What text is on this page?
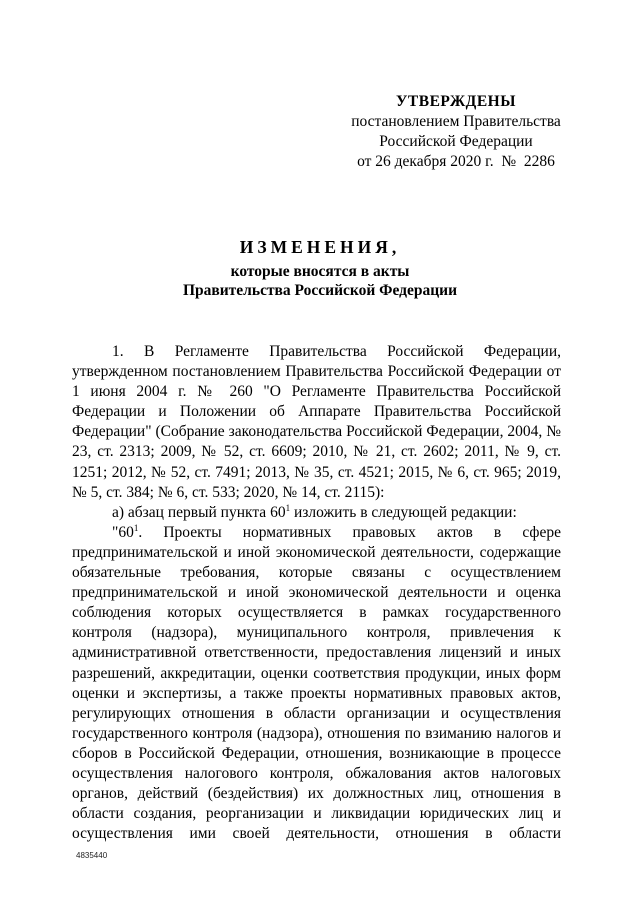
УТВЕРЖДЕНЫ
постановлением Правительства
Российской Федерации
от 26 декабря 2020 г.  №  2286
ИЗМЕНЕНИЯ,
которые вносятся в акты
Правительства Российской Федерации

1. В Регламенте Правительства Российской Федерации, утвержденном постановлением Правительства Российской Федерации от 1 июня 2004 г. № 260 "О Регламенте Правительства Российской Федерации и Положении об Аппарате Правительства Российской Федерации" (Собрание законодательства Российской Федерации, 2004, № 23, ст. 2313; 2009, № 52, ст. 6609; 2010, № 21, ст. 2602; 2011, № 9, ст. 1251; 2012, № 52, ст. 7491; 2013, № 35, ст. 4521; 2015, № 6, ст. 965; 2019, № 5, ст. 384; № 6, ст. 533; 2020, № 14, ст. 2115):

а) абзац первый пункта $60^1$ изложить в следующей редакции:

"$60^1$. Проекты нормативных правовых актов в сфере предпринимательской и иной экономической деятельности, содержащие обязательные требования, которые связаны с осуществлением предпринимательской и иной экономической деятельности и оценка соблюдения которых осуществляется в рамках государственного контроля (надзора), муниципального контроля, привлечения к административной ответственности, предоставления лицензий и иных разрешений, аккредитации, оценки соответствия продукции, иных форм оценки и экспертизы, а также проекты нормативных правовых актов, регулирующих отношения в области организации и осуществления государственного контроля (надзора), отношения по взиманию налогов и сборов в Российской Федерации, отношения, возникающие в процессе осуществления налогового контроля, обжалования актов налоговых органов, действий (бездействия) их должностных лиц, отношения в области создания, реорганизации и ликвидации юридических лиц и осуществления ими своей деятельности, отношения в области

4835440
